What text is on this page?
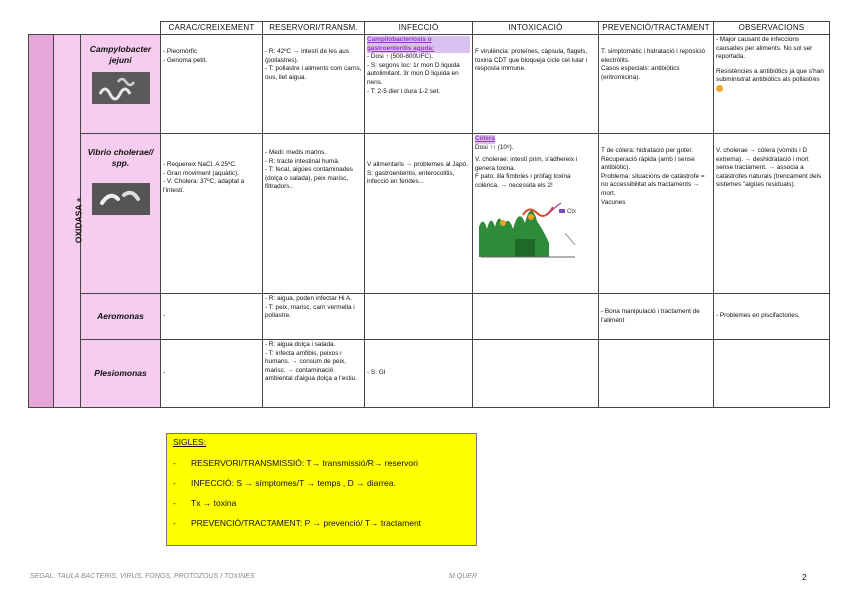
			CARAC/CREIXEMENT	RESERVORI/TRANSM.	INFECCIÓ	INTOXICACIÓ	PREVENCIÓ/TRACTAMENT	OBSERVACIONS
	OXIDASA +	Campylobacter jejuni	- Pleomòrfic
- Genoma petit.	- R: 42ºC → intestí de les aus (pollastres).
- T: pollastre i aliments com carns, ous, llet aigua.	Campilobacteriosis o gastroenteritis aguda:
- Dosi ↑ (500-800UFC).
- S: segons Ioc: 1r mon D liquida autolimitant. 3r mon D liquida en nens.
- T: 2-5 dier i dura 1-2 set.	F virulència: proteïnes, càpsula, flagels, toxina CDT que bloqueja cicle cel·lular i resposta immune.	T: simptomàtic i hidratació i reposició electròlits.
Casos especials: antibiòtics (eritromicina).	- Major causant de infeccions causades per aliments. No sol ser reportada.
Resistències a antibiòtics ja que s'han subministrat antibiòtics als pollastres

		Vibrio cholerae// spp.	- Requereix NaCl. A 25ºC.
- Gran moviment (aquàtic).
- V. Cholera: 37ºC, adaptat a l'intestí.	- Medi: medis marins.
- R: tracte intestinal humà.
- T: fecal, aigües contaminades (dolça o salada), peix marisc, filtradors..	V alimentaris → problemes al Japó. S: gastroenteritis, enterocolitis, infecció en ferides...	Còlera
Dosi ↑↑ (10⁸).
V. cholerae: intestí prim, s'adhereix i genera toxina.
F pato: illa fimbries i pròfag toxina colèrica. → necessita els 2!
Ctx	T de còlera: hidratació per goter. Recuperació ràpida (amb i sense antibiòtic).
Problema: situacions de catàstrofe = no accessibilitat als tractaments → mort.
Vacunes	V. cholerae → còlera (vòmits i D extrema). → deshidratació i mort sense tractament. → associa a catàstrofes naturals (trencament dels sistemes "aigües residuals).

		Aeromonas	-	- R: aigua, poden infectar Hi A.
- T: peix, marisc, carn vermella i pollastre.			- Bona manipulació i tractament de l'aliment	- Problemes en piscifactories.

		Plesiomonas	-	- R: aigua dolça i salada.
- T: infecta amfibis, peixos i humans. → consum de peix, marisc. → contaminació ambiental d'aigua dolça a l'estiu.	- S: GI			

SIGLES:
- RESERVORI/TRANSMISSIÓ: T→ transmissió/R→ reservori
- INFECCIÓ: S → símptomes/T → temps , D → diarrea.
- Tx → toxina
- PREVENCIÓ/TRACTAMENT: P → prevenció/ T→ tractament
SEGAL: TAULA BACTERIS, VIRUS, FONGS, PROTOZOUS I TOXINES	M.QUER	2
